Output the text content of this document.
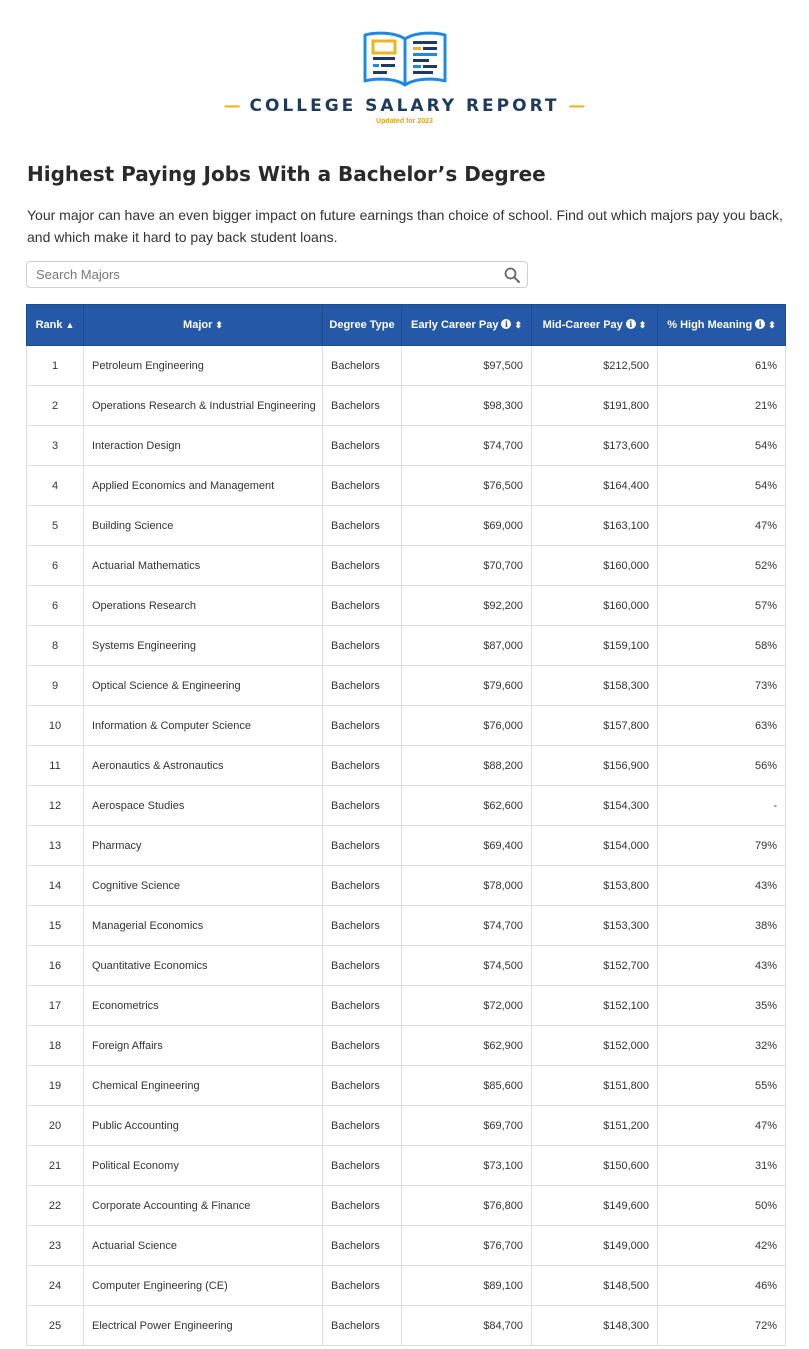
— COLLEGE SALARY REPORT —
Updated for 2023
Highest Paying Jobs With a Bachelor’s Degree

Your major can have an even bigger impact on future earnings than choice of school. Find out which majors pay you back, and which make it hard to pay back student loans.

Search Majors
Rank ▲	Major ⬍	Degree Type	Early Career Pay i ⬍	Mid-Career Pay i ⬍	% High Meaning i ⬍
1	Petroleum Engineering	Bachelors	$97,500	$212,500	61%
2	Operations Research & Industrial Engineering	Bachelors	$98,300	$191,800	21%
3	Interaction Design	Bachelors	$74,700	$173,600	54%
4	Applied Economics and Management	Bachelors	$76,500	$164,400	54%
5	Building Science	Bachelors	$69,000	$163,100	47%
6	Actuarial Mathematics	Bachelors	$70,700	$160,000	52%
6	Operations Research	Bachelors	$92,200	$160,000	57%
8	Systems Engineering	Bachelors	$87,000	$159,100	58%
9	Optical Science & Engineering	Bachelors	$79,600	$158,300	73%
10	Information & Computer Science	Bachelors	$76,000	$157,800	63%
11	Aeronautics & Astronautics	Bachelors	$88,200	$156,900	56%
12	Aerospace Studies	Bachelors	$62,600	$154,300	-
13	Pharmacy	Bachelors	$69,400	$154,000	79%
14	Cognitive Science	Bachelors	$78,000	$153,800	43%
15	Managerial Economics	Bachelors	$74,700	$153,300	38%
16	Quantitative Economics	Bachelors	$74,500	$152,700	43%
17	Econometrics	Bachelors	$72,000	$152,100	35%
18	Foreign Affairs	Bachelors	$62,900	$152,000	32%
19	Chemical Engineering	Bachelors	$85,600	$151,800	55%
20	Public Accounting	Bachelors	$69,700	$151,200	47%
21	Political Economy	Bachelors	$73,100	$150,600	31%
22	Corporate Accounting & Finance	Bachelors	$76,800	$149,600	50%
23	Actuarial Science	Bachelors	$76,700	$149,000	42%
24	Computer Engineering (CE)	Bachelors	$89,100	$148,500	46%
25	Electrical Power Engineering	Bachelors	$84,700	$148,300	72%
